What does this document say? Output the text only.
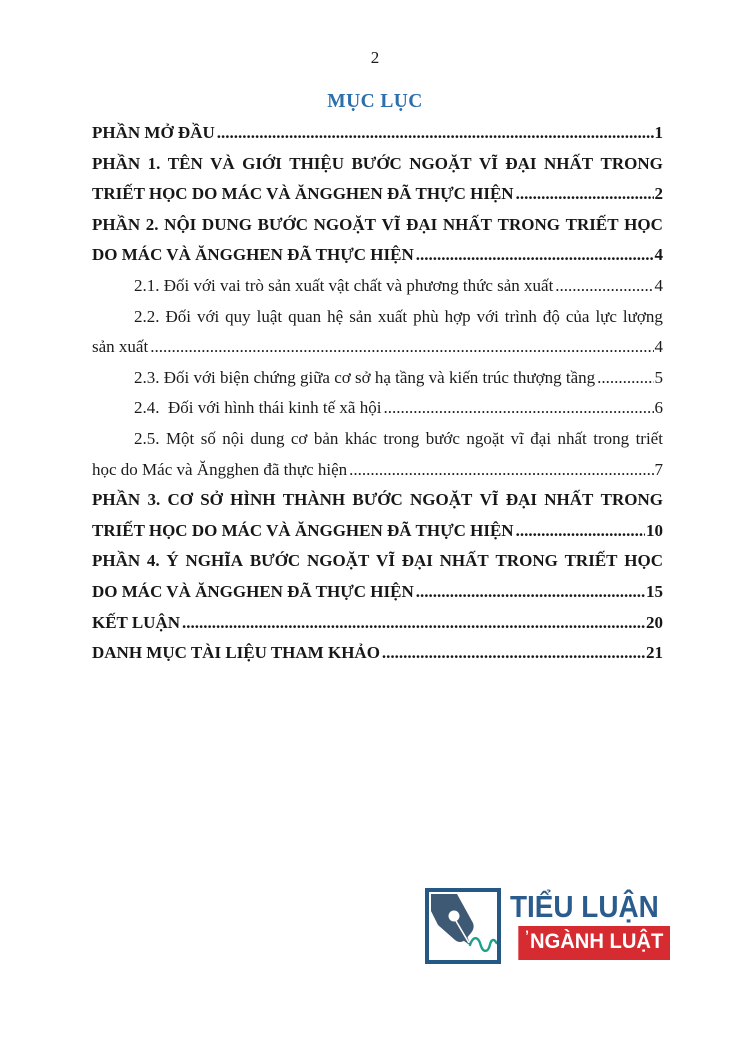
2
MỤC LỤC
PHẦN MỞ ĐẦU .....	1
PHẦN 1. TÊN VÀ GIỚI THIỆU BƯỚC NGOẶT VĨ ĐẠI NHẤT TRONG
TRIẾT HỌC DO MÁC VÀ ĂNGGHEN ĐÃ THỰC HIỆN .....	2
PHẦN 2. NỘI DUNG BƯỚC NGOẶT VĨ ĐẠI NHẤT TRONG TRIẾT HỌC
DO MÁC VÀ ĂNGGHEN ĐÃ THỰC HIỆN .....	4
2.1. Đối với vai trò sản xuất vật chất và phương thức sản xuất .....	4
2.2. Đối với quy luật quan hệ sản xuất phù hợp với trình độ của lực lượng
sản xuất .....	4
2.3. Đối với biện chứng giữa cơ sở hạ tầng và kiến trúc thượng tầng .....	5
2.4.  Đối với hình thái kinh tế xã hội .....	6
2.5. Một số nội dung cơ bản khác trong bước ngoặt vĩ đại nhất trong triết
học do Mác và Ăngghen đã thực hiện .....	7
PHẦN 3. CƠ SỞ HÌNH THÀNH BƯỚC NGOẶT VĨ ĐẠI NHẤT TRONG
TRIẾT HỌC DO MÁC VÀ ĂNGGHEN ĐÃ THỰC HIỆN .....	10
PHẦN 4. Ý NGHĨA BƯỚC NGOẶT VĨ ĐẠI NHẤT TRONG TRIẾT HỌC
DO MÁC VÀ ĂNGGHEN ĐÃ THỰC HIỆN .....	15
KẾT LUẬN .....	20
DANH MỤC TÀI LIỆU THAM KHẢO .....	21
TIỂU LUẬN
ʼ NGÀNH LUẬT
